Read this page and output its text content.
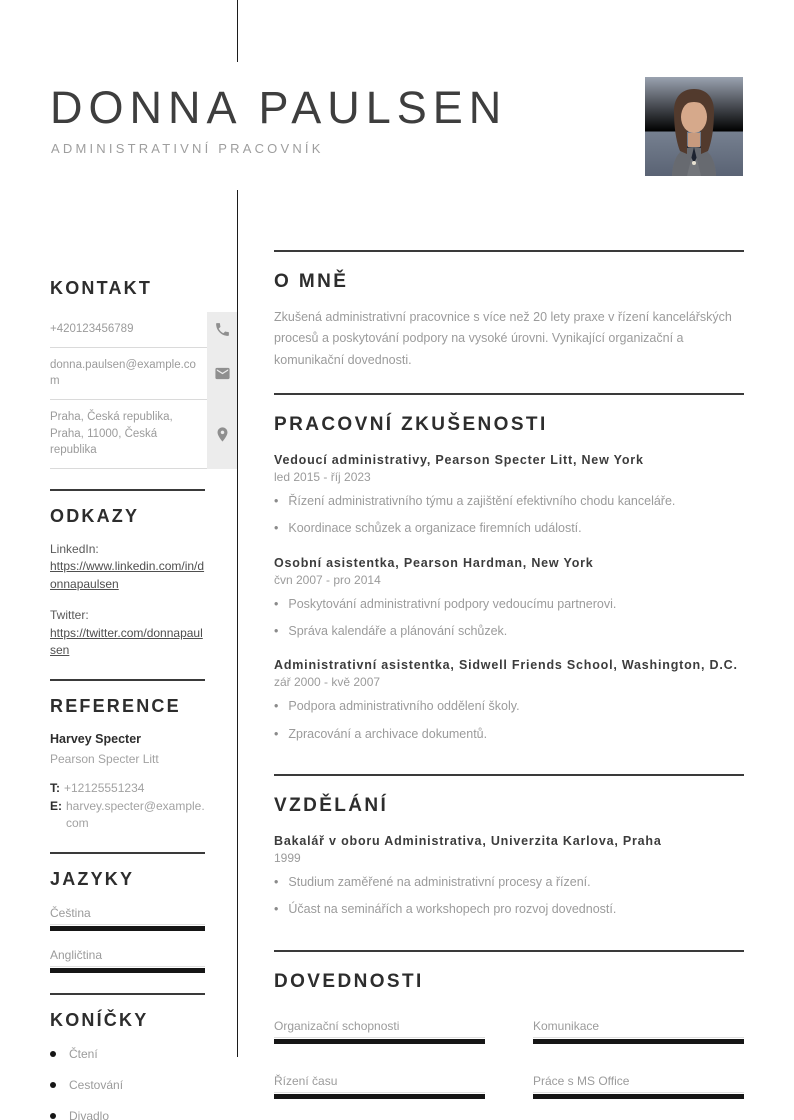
DONNA PAULSEN
ADMINISTRATIVNÍ PRACOVNÍK
KONTAKT
+420123456789
donna.paulsen@example.com
Praha, Česká republika, Praha, 11000, Česká republika
ODKAZY
LinkedIn:
https://www.linkedin.com/in/donnapaulsen
Twitter:
https://twitter.com/donnapaulsen
REFERENCE
Harvey Specter
Pearson Specter Litt
T: +12125551234
E: harvey.specter@example.com
JAZYKY
Čeština
Angličtina
KONÍČKY
Čtení
Cestování
Divadlo
O MNĚ
Zkušená administrativní pracovnice s více než 20 lety praxe v řízení kancelářských procesů a poskytování podpory na vysoké úrovni. Vynikající organizační a komunikační dovednosti.
PRACOVNÍ ZKUŠENOSTI
Vedoucí administrativy, Pearson Specter Litt, New York
led 2015 - říj 2023
• Řízení administrativního týmu a zajištění efektivního chodu kanceláře.
• Koordinace schůzek a organizace firemních událostí.
Osobní asistentka, Pearson Hardman, New York
čvn 2007 - pro 2014
• Poskytování administrativní podpory vedoucímu partnerovi.
• Správa kalendáře a plánování schůzek.
Administrativní asistentka, Sidwell Friends School, Washington, D.C.
zář 2000 - kvě 2007
• Podpora administrativního oddělení školy.
• Zpracování a archivace dokumentů.
VZDĚLÁNÍ
Bakalář v oboru Administrativa, Univerzita Karlova, Praha
1999
• Studium zaměřené na administrativní procesy a řízení.
• Účast na seminářích a workshopech pro rozvoj dovedností.
DOVEDNOSTI
Organizační schopnosti	Komunikace
Řízení času	Práce s MS Office
